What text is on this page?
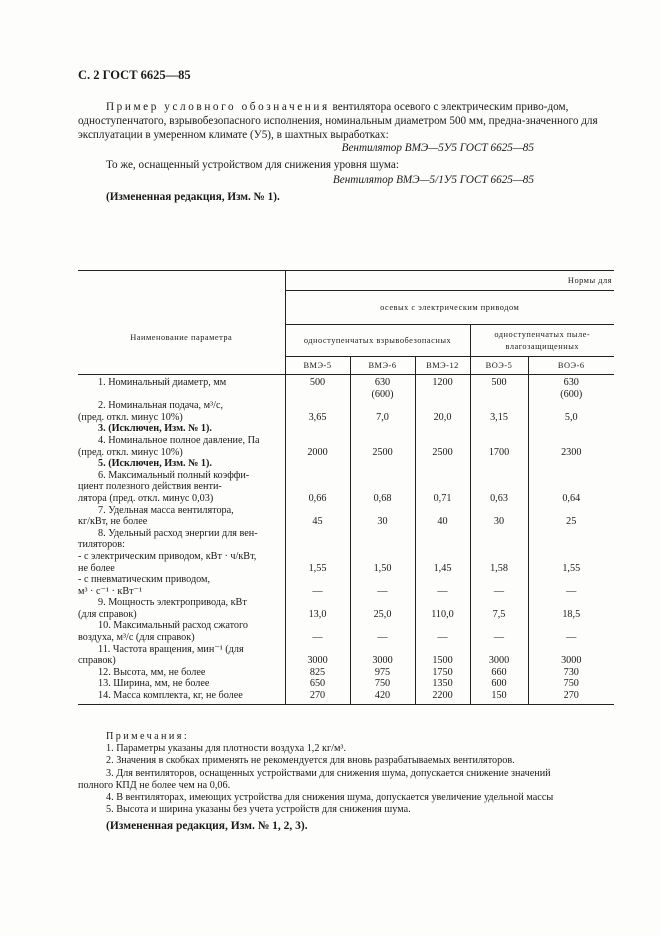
С. 2 ГОСТ 6625—85

Пример условного обозначения вентилятора осевого с электрическим приво-дом, одноступенчатого, взрывобезопасного исполнения, номинальным диаметром 500 мм, предна-значенного для эксплуатации в умеренном климате (У5), в шахтных выработках:

Вентилятор ВМЭ—5У5 ГОСТ 6625—85

То же, оснащенный устройством для снижения уровня шума:

Вентилятор ВМЭ—5/1У5 ГОСТ 6625—85

(Измененная редакция, Изм. № 1).

Наименование параметра	Нормы для				
	осевых с электрическим приводом				
	одноступенчатых взрывобезопасных			одноступенчатых пыле-влагозащищенных	
	ВМЭ-5	ВМЭ-6	ВМЭ-12	ВОЭ-5	ВОЭ-6
1. Номинальный диаметр, мм	500	630	1200	500	630
		(600)			(600)
2. Номинальная подача, м³/с,					
(пред. откл. минус 10%)	3,65	7,0	20,0	3,15	5,0
3. (Исключен, Изм. № 1).					
4. Номинальное полное давление, Па					
(пред. откл. минус 10%)	2000	2500	2500	1700	2300
5. (Исключен, Изм. № 1).					
6. Максимальный полный коэффи-					
циент полезного действия венти-					
лятора (пред. откл. минус 0,03)	0,66	0,68	0,71	0,63	0,64
7. Удельная масса вентилятора,					
кг/кВт, не более	45	30	40	30	25
8. Удельный расход энергии для вен-					
тиляторов:					
- с электрическим приводом, кВт · ч/кВт,					
не более	1,55	1,50	1,45	1,58	1,55
- с пневматическим приводом,					
м³ · с⁻¹ · кВт⁻¹	—	—	—	—	—
9. Мощность электропривода, кВт					
(для справок)	13,0	25,0	110,0	7,5	18,5
10. Максимальный расход сжатого					
воздуха, м³/с (для справок)	—	—	—	—	—
11. Частота вращения, мин⁻¹ (для					
справок)	3000	3000	1500	3000	3000
12. Высота, мм, не более	825	975	1750	660	730
13. Ширина, мм, не более	650	750	1350	600	750
14. Масса комплекта, кг, не более	270	420	2200	150	270

Примечания:

1. Параметры указаны для плотности воздуха 1,2 кг/м³.

2. Значения в скобках применять не рекомендуется для вновь разрабатываемых вентиляторов.

3. Для вентиляторов, оснащенных устройствами для снижения шума, допускается снижение значений

полного КПД не более чем на 0,06.

4. В вентиляторах, имеющих устройства для снижения шума, допускается увеличение удельной массы

5. Высота и ширина указаны без учета устройств для снижения шума.

(Измененная редакция, Изм. № 1, 2, 3).
